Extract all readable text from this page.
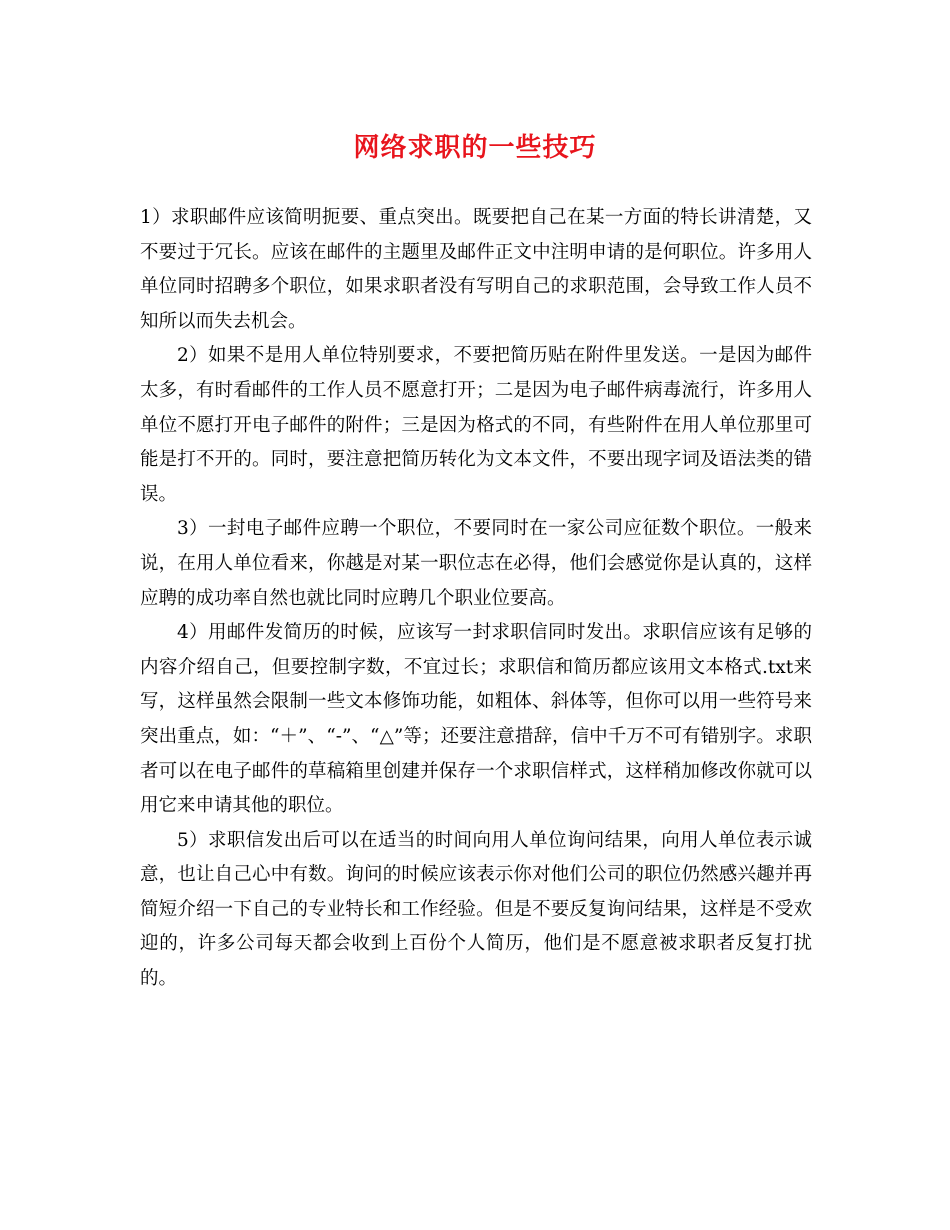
网络求职的一些技巧

1）求职邮件应该简明扼要、重点突出。既要把自己在某一方面的特长讲清楚，又不要过于冗长。应该在邮件的主题里及邮件正文中注明申请的是何职位。许多用人单位同时招聘多个职位，如果求职者没有写明自己的求职范围，会导致工作人员不知所以而失去机会。

2）如果不是用人单位特别要求，不要把简历贴在附件里发送。一是因为邮件太多，有时看邮件的工作人员不愿意打开；二是因为电子邮件病毒流行，许多用人单位不愿打开电子邮件的附件；三是因为格式的不同，有些附件在用人单位那里可能是打不开的。同时，要注意把简历转化为文本文件，不要出现字词及语法类的错误。

3）一封电子邮件应聘一个职位，不要同时在一家公司应征数个职位。一般来说，在用人单位看来，你越是对某一职位志在必得，他们会感觉你是认真的，这样应聘的成功率自然也就比同时应聘几个职业位要高。

4）用邮件发简历的时候，应该写一封求职信同时发出。求职信应该有足够的内容介绍自己，但要控制字数，不宜过长；求职信和简历都应该用文本格式.txt来写，这样虽然会限制一些文本修饰功能，如粗体、斜体等，但你可以用一些符号来突出重点，如：“＋”、“-”、“△”等；还要注意措辞，信中千万不可有错别字。求职者可以在电子邮件的草稿箱里创建并保存一个求职信样式，这样稍加修改你就可以用它来申请其他的职位。

5）求职信发出后可以在适当的时间向用人单位询问结果，向用人单位表示诚意，也让自己心中有数。询问的时候应该表示你对他们公司的职位仍然感兴趣并再简短介绍一下自己的专业特长和工作经验。但是不要反复询问结果，这样是不受欢迎的，许多公司每天都会收到上百份个人简历，他们是不愿意被求职者反复打扰的。
